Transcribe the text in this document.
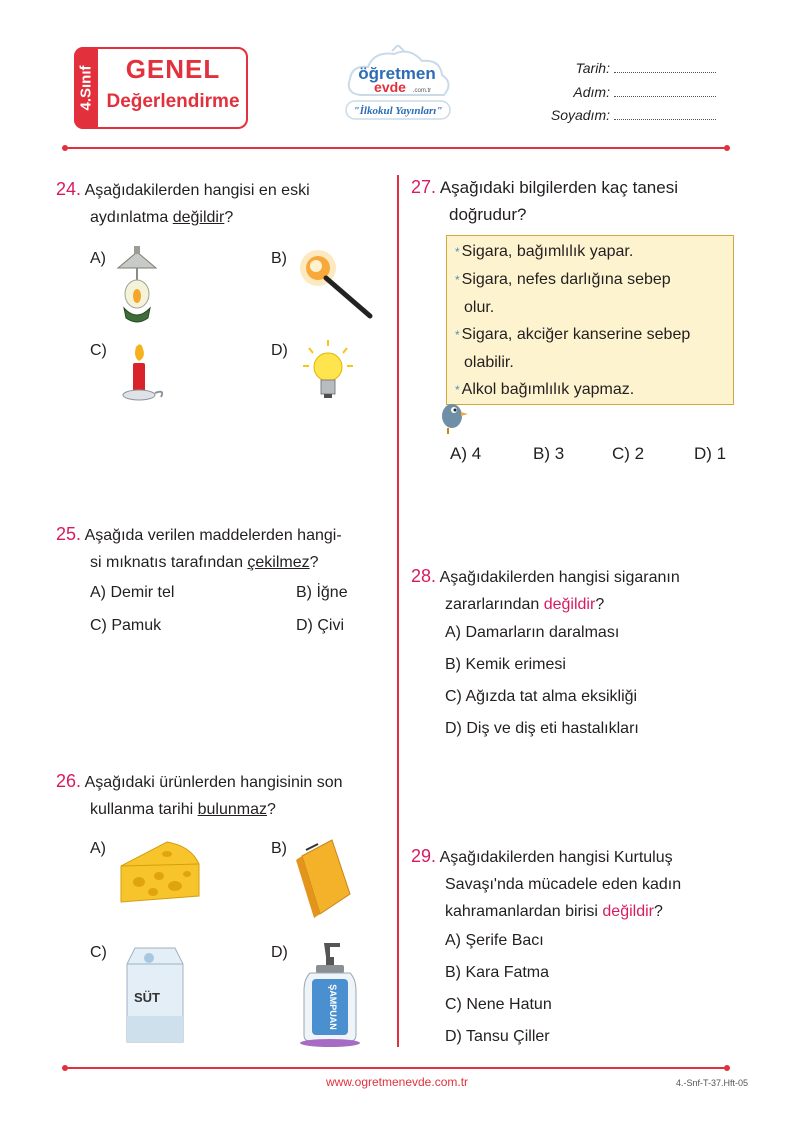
4.Sınıf	GENEL
Değerlendirme
öğretmen
evde .com.tr
"İlkokul Yayınları"
Tarih:
Adım:
Soyadım:
24. Aşağıdakilerden hangisi en eski
aydınlatma değildir?
A)	B)
C)	D)
25. Aşağıda verilen maddelerden hangi-
si mıknatıs tarafından çekilmez?
A) Demir tel	B) İğne
C) Pamuk	D) Çivi
26. Aşağıdaki ürünlerden hangisinin son
kullanma tarihi bulunmaz?
A)	B)
C)	D)
SÜT	ŞAMPUAN
27. Aşağıdaki bilgilerden kaç tanesi
doğrudur?
* Sigara, bağımlılık yapar.
* Sigara, nefes darlığına sebep
olur.
* Sigara, akciğer kanserine sebep
olabilir.
* Alkol bağımlılık yapmaz.
A) 4	B) 3	C) 2	D) 1
28. Aşağıdakilerden hangisi sigaranın
zararlarından değildir?
A) Damarların daralması
B) Kemik erimesi
C) Ağızda tat alma eksikliği
D) Diş ve diş eti hastalıkları
29. Aşağıdakilerden hangisi Kurtuluş
Savaşı'nda mücadele eden kadın
kahramanlardan birisi değildir?
A) Şerife Bacı
B) Kara Fatma
C) Nene Hatun
D) Tansu Çiller
www.ogretmenevde.com.tr	4.-Snf-T-37.Hft-05
